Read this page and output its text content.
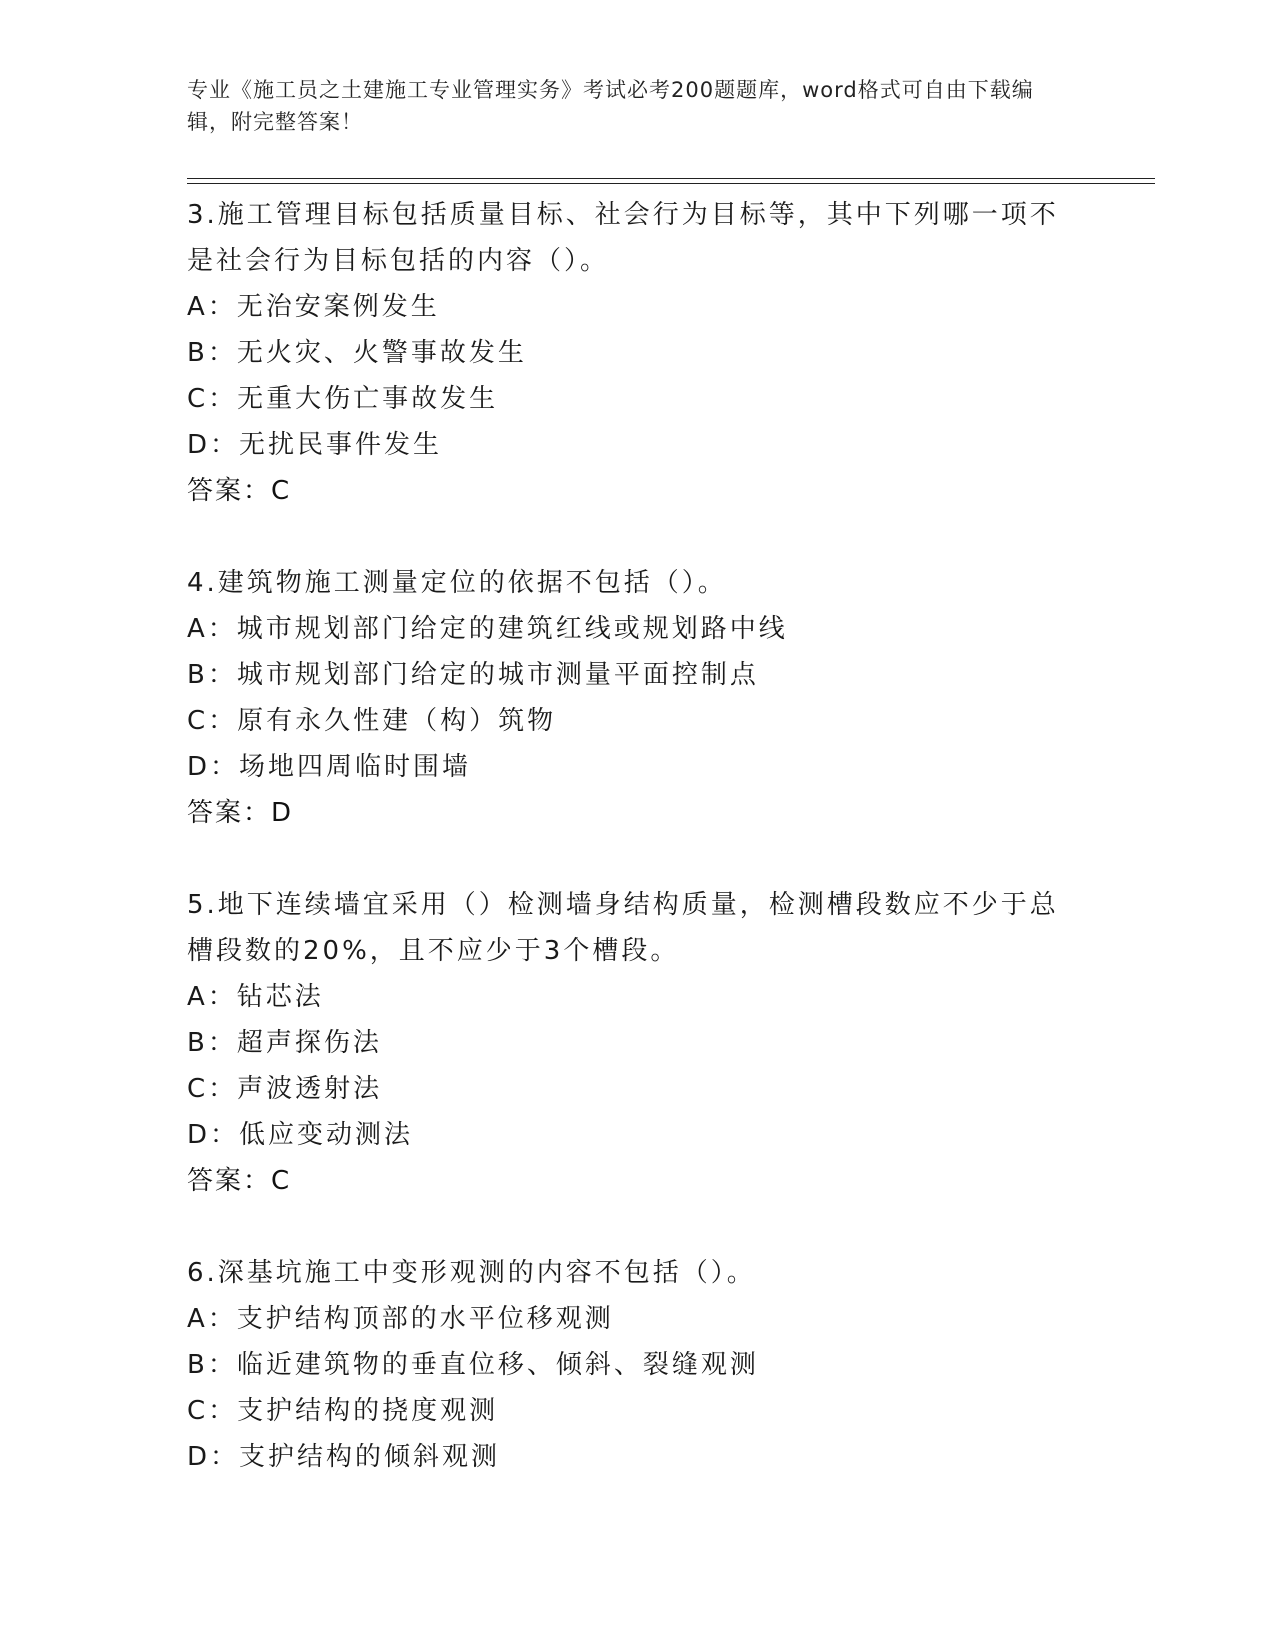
专业《施工员之土建施工专业管理实务》考试必考200题题库，word格式可自由下载编辑，附完整答案！
3.施工管理目标包括质量目标、社会行为目标等，其中下列哪一项不是社会行为目标包括的内容（）。
A：无治安案例发生
B：无火灾、火警事故发生
C：无重大伤亡事故发生
D：无扰民事件发生
答案：C
4.建筑物施工测量定位的依据不包括（）。
A：城市规划部门给定的建筑红线或规划路中线
B：城市规划部门给定的城市测量平面控制点
C：原有永久性建（构）筑物
D：场地四周临时围墙
答案：D
5.地下连续墙宜采用（）检测墙身结构质量，检测槽段数应不少于总槽段数的20%，且不应少于3个槽段。
A：钻芯法
B：超声探伤法
C：声波透射法
D：低应变动测法
答案：C
6.深基坑施工中变形观测的内容不包括（）。
A：支护结构顶部的水平位移观测
B：临近建筑物的垂直位移、倾斜、裂缝观测
C：支护结构的挠度观测
D：支护结构的倾斜观测
